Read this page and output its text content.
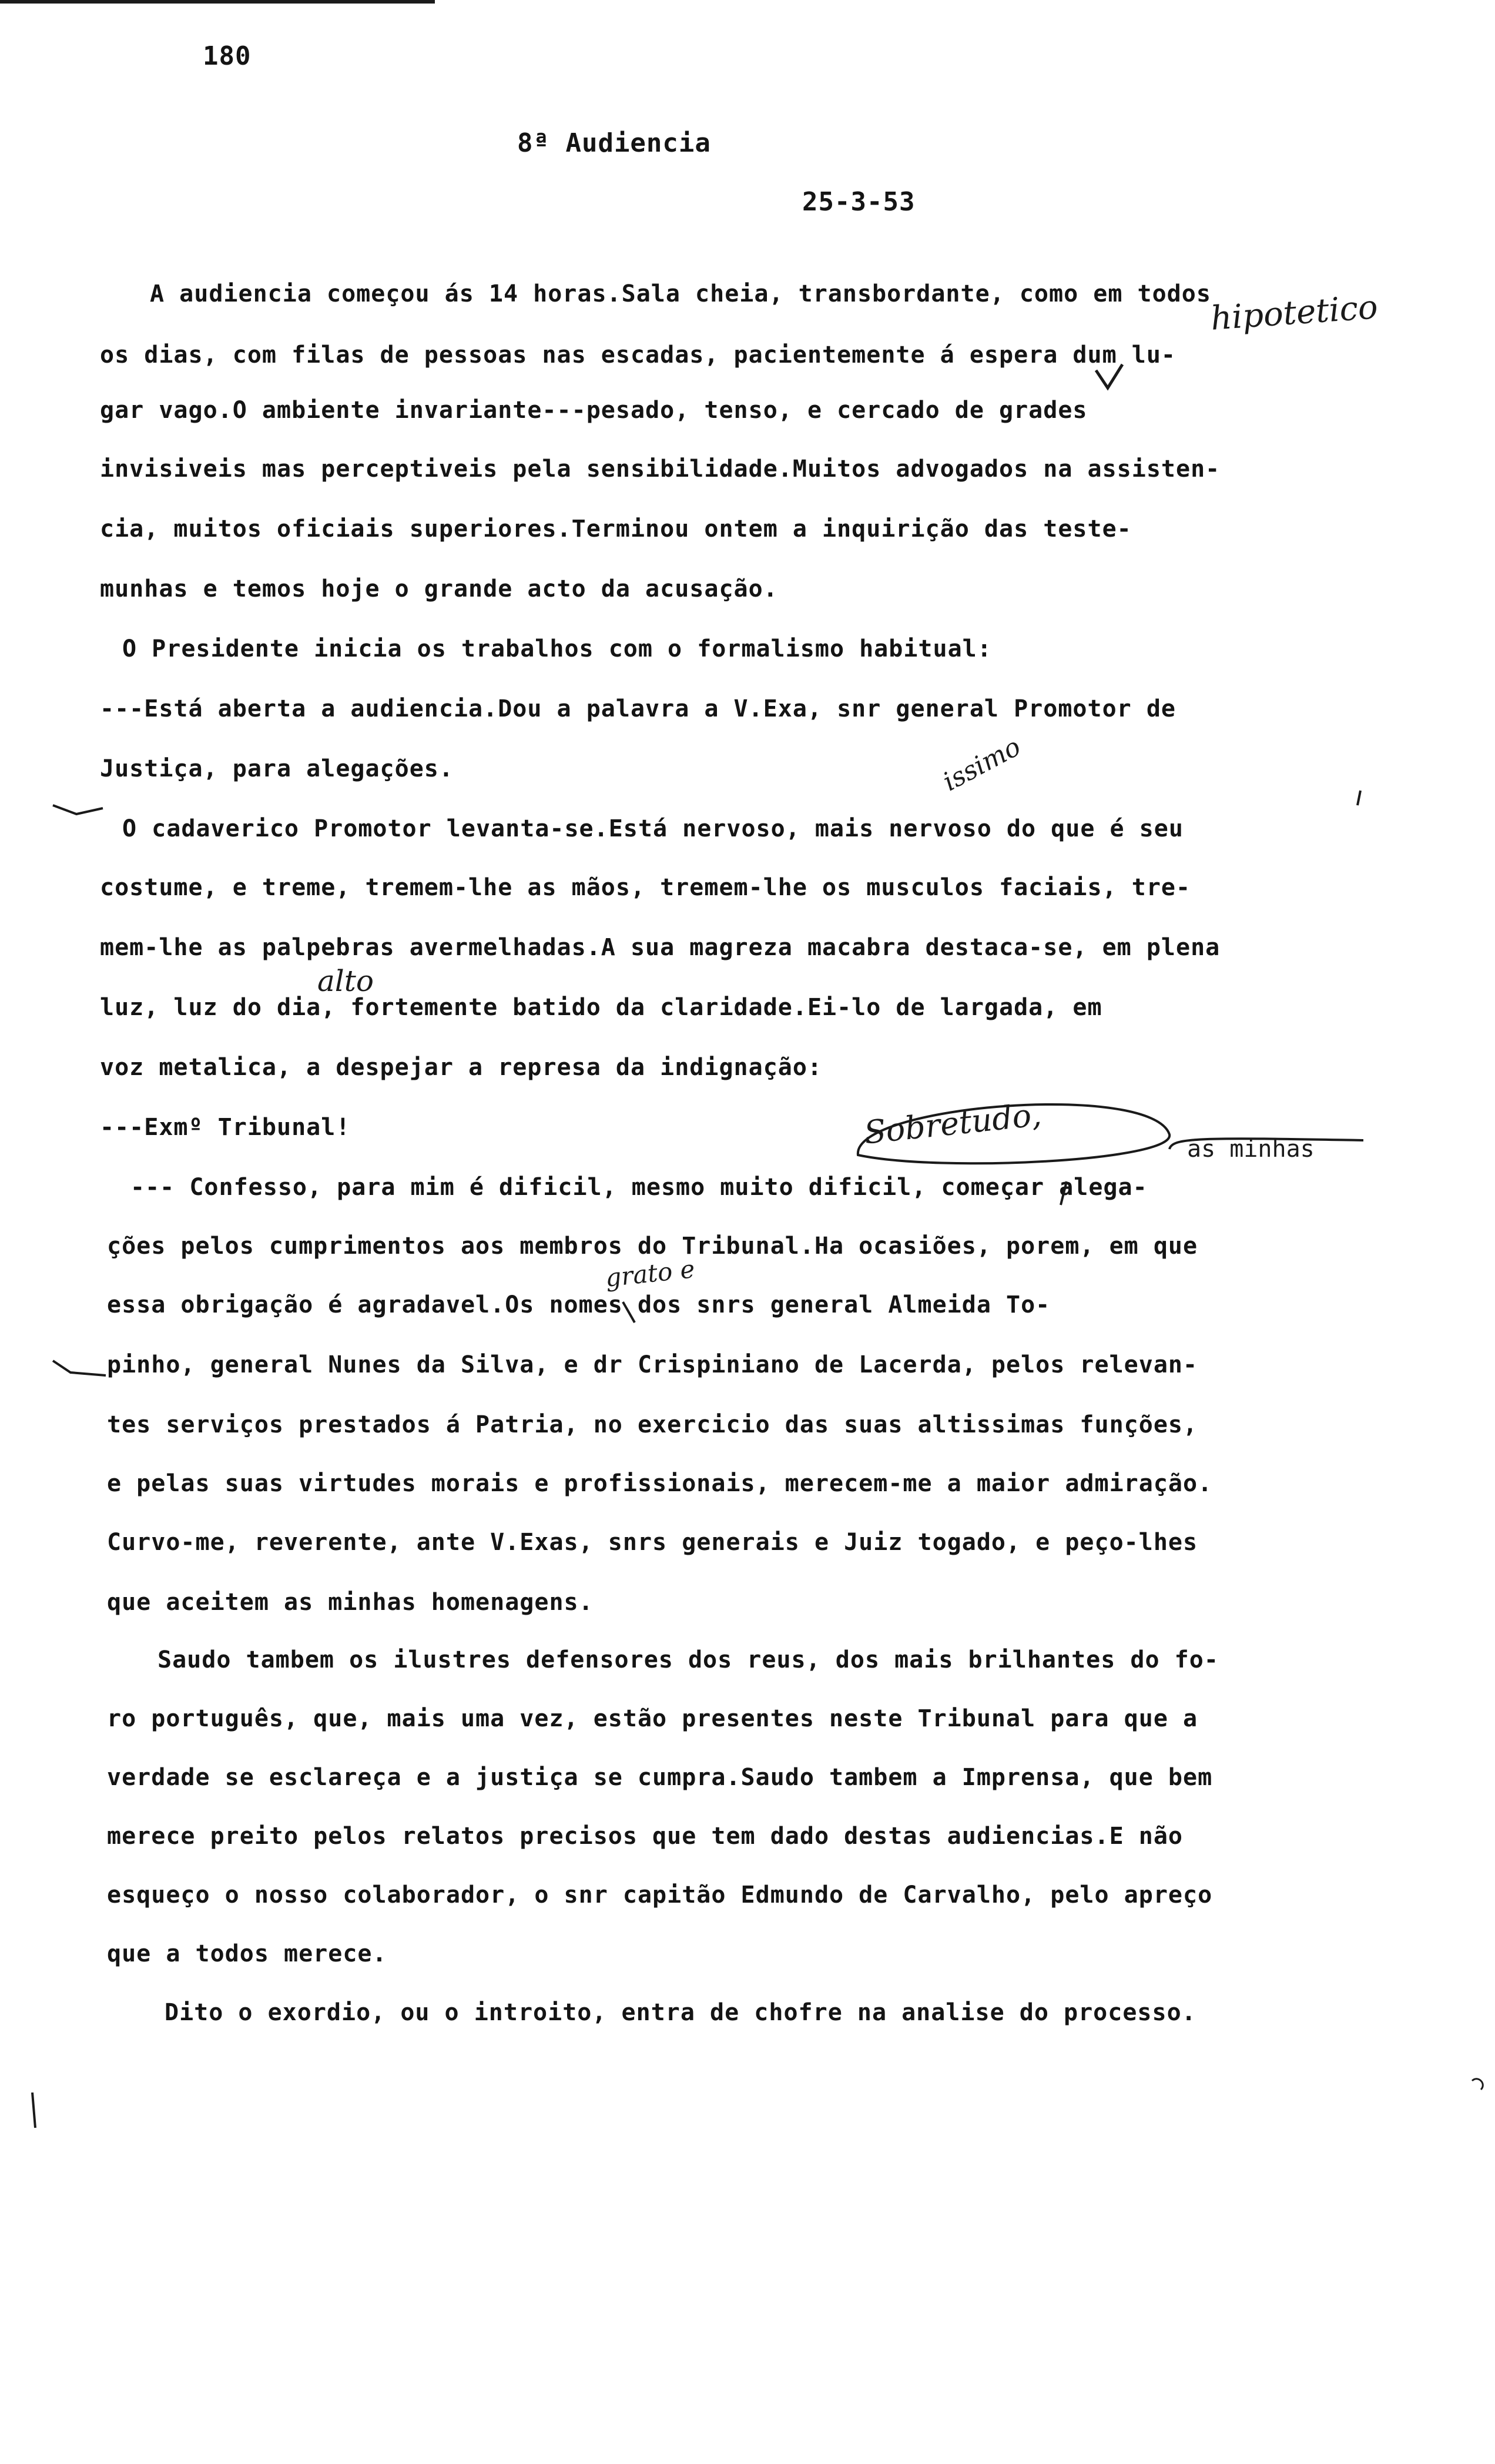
180
8ª Audiencia
25-3-53
A audiencia começou ás 14 horas.Sala cheia, transbordante, como em todos
os dias, com filas de pessoas nas escadas, pacientemente á espera dum lu-
gar vago.O ambiente invariante---pesado, tenso, e cercado de grades
invisiveis mas perceptiveis pela sensibilidade.Muitos advogados na assisten-
cia, muitos oficiais superiores.Terminou ontem a inquirição das teste-
munhas e temos hoje o grande acto da acusação.
O Presidente inicia os trabalhos com o formalismo habitual:
---Está aberta a audiencia.Dou a palavra a V.Exa, snr general Promotor de
Justiça, para alegações.
O cadaverico Promotor levanta-se.Está nervoso, mais nervoso do que é seu
costume, e treme, tremem-lhe as mãos, tremem-lhe os musculos faciais, tre-
mem-lhe as palpebras avermelhadas.A sua magreza macabra destaca-se, em plena
luz, luz do dia, fortemente batido da claridade.Ei-lo de largada, em
voz metalica, a despejar a represa da indignação:
---Exmº Tribunal!
--- Confesso, para mim é dificil, mesmo muito dificil, começar alega-
ções pelos cumprimentos aos membros do Tribunal.Ha ocasiões, porem, em que
essa obrigação é agradavel.Os nomes dos snrs general Almeida To-
pinho, general Nunes da Silva, e dr Crispiniano de Lacerda, pelos relevan-
tes serviços prestados á Patria, no exercicio das suas altissimas funções,
e pelas suas virtudes morais e profissionais, merecem-me a maior admiração.
Curvo-me, reverente, ante V.Exas, snrs generais e Juiz togado, e peço-lhes
que aceitem as minhas homenagens.
Saudo tambem os ilustres defensores dos reus, dos mais brilhantes do fo-
ro português, que, mais uma vez, estão presentes neste Tribunal para que a
verdade se esclareça e a justiça se cumpra.Saudo tambem a Imprensa, que bem
merece preito pelos relatos precisos que tem dado destas audiencias.E não
esqueço o nosso colaborador, o snr capitão Edmundo de Carvalho, pelo apreço
que a todos merece.
Dito o exordio, ou o introito, entra de chofre na analise do processo.
hipotetico
issimo
alto
Sobretudo,	as minhas
grato e
